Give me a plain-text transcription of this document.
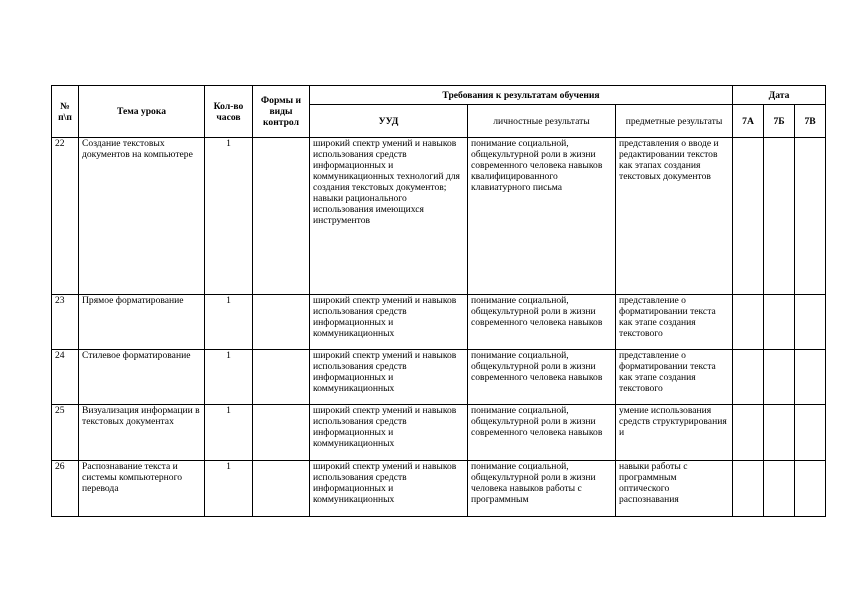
№ п\п	Тема урока	Кол-во часов	Формы и виды контрол	Требования к результатам обучения			Дата		
				УУД	личностные результаты	предметные результаты	7А	7Б	7В

22	Создание текстовых документов на компьютере	1		широкий спектр умений и навыков использования средств информационных и коммуникационных технологий для создания текстовых документов; навыки рационального использования имеющихся инструментов	понимание социальной, общекультурной роли в жизни современного человека навыков квалифицированного клавиатурного письма	представления о вводе и редактировании текстов как этапах создания текстовых документов			

23	Прямое форматирование	1		широкий спектр умений и навыков использования средств информационных и коммуникационных	понимание социальной, общекультурной роли в жизни современного человека навыков	представление о форматировании текста как этапе создания текстового			

24	Стилевое форматирование	1		широкий спектр умений и навыков использования средств информационных и коммуникационных	понимание социальной, общекультурной роли в жизни современного человека навыков	представление о форматировании текста как этапе создания текстового			

25	Визуализация информации в текстовых документах	1		широкий спектр умений и навыков использования средств информационных и коммуникационных	понимание социальной, общекультурной роли в жизни современного человека навыков	умение использования средств структурирования и			

26	Распознавание текста и системы компьютерного перевода	1		широкий спектр умений и навыков использования средств информационных и коммуникационных	понимание социальной, общекультурной роли в жизни человека навыков работы с программным	навыки работы с программным оптического распознавания			
